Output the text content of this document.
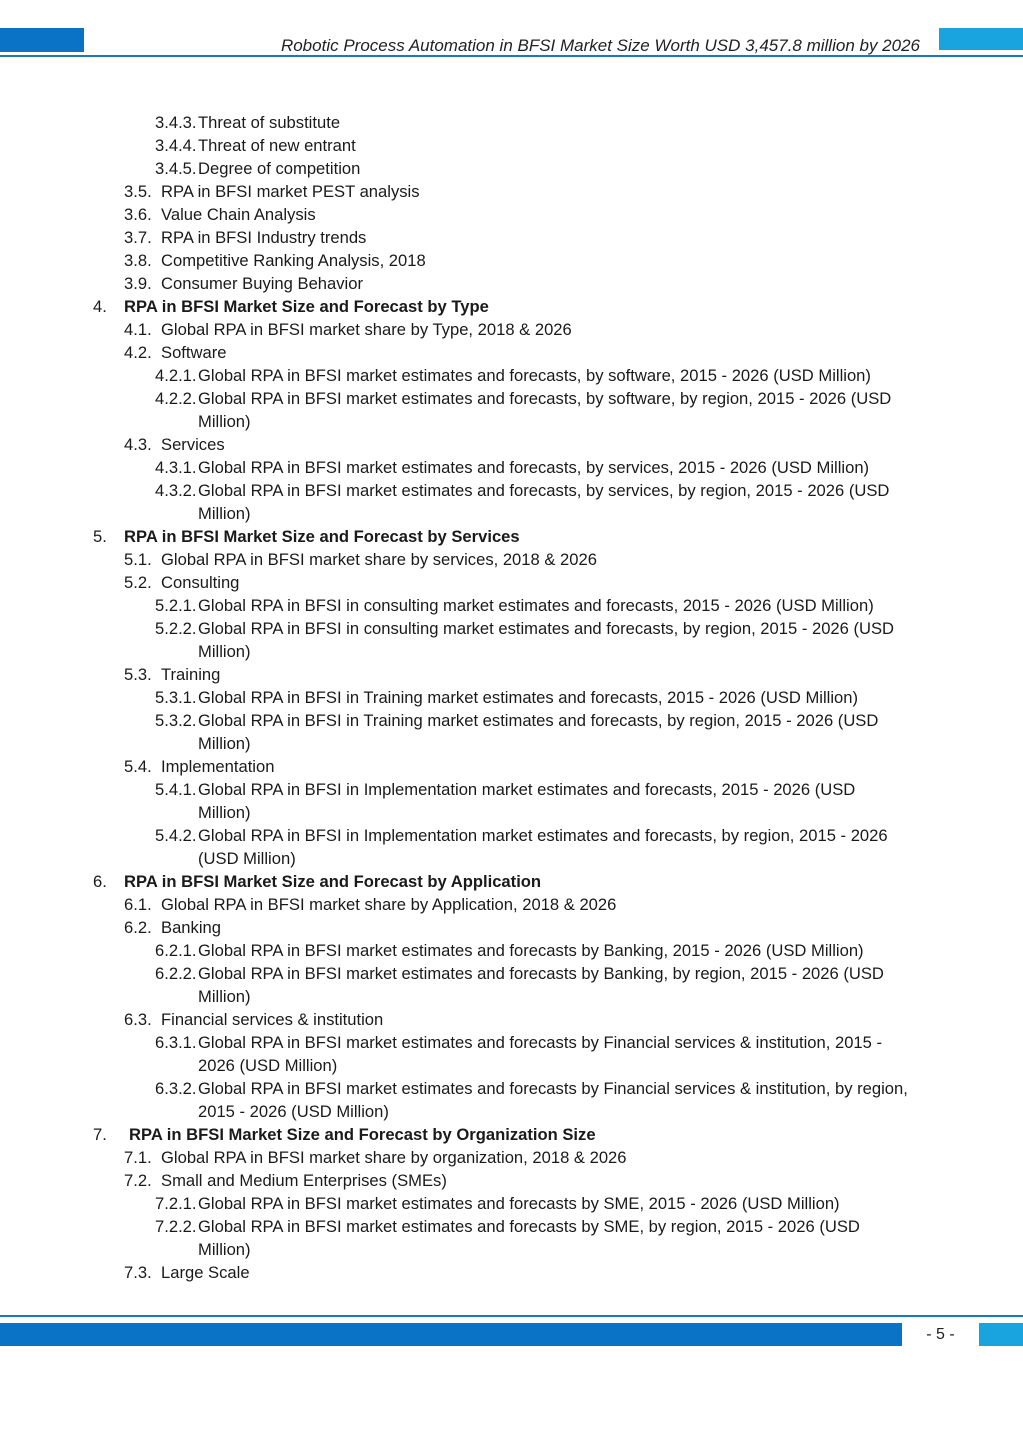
Robotic Process Automation in BFSI Market Size Worth USD 3,457.8 million by 2026
3.4.3. Threat of substitute
3.4.4. Threat of new entrant
3.4.5. Degree of competition
3.5. RPA in BFSI market PEST analysis
3.6. Value Chain Analysis
3.7. RPA in BFSI Industry trends
3.8. Competitive Ranking Analysis, 2018
3.9. Consumer Buying Behavior
4. RPA in BFSI Market Size and Forecast by Type
4.1. Global RPA in BFSI market share by Type, 2018 & 2026
4.2. Software
4.2.1. Global RPA in BFSI market estimates and forecasts, by software, 2015 - 2026 (USD Million)
4.2.2. Global RPA in BFSI market estimates and forecasts, by software, by region, 2015 - 2026 (USD
Million)
4.3. Services
4.3.1. Global RPA in BFSI market estimates and forecasts, by services, 2015 - 2026 (USD Million)
4.3.2. Global RPA in BFSI market estimates and forecasts, by services, by region, 2015 - 2026 (USD
Million)
5. RPA in BFSI Market Size and Forecast by Services
5.1. Global RPA in BFSI market share by services, 2018 & 2026
5.2. Consulting
5.2.1. Global RPA in BFSI in consulting market estimates and forecasts, 2015 - 2026 (USD Million)
5.2.2. Global RPA in BFSI in consulting market estimates and forecasts, by region, 2015 - 2026 (USD
Million)
5.3. Training
5.3.1. Global RPA in BFSI in Training market estimates and forecasts, 2015 - 2026 (USD Million)
5.3.2. Global RPA in BFSI in Training market estimates and forecasts, by region, 2015 - 2026 (USD
Million)
5.4. Implementation
5.4.1. Global RPA in BFSI in Implementation market estimates and forecasts, 2015 - 2026 (USD
Million)
5.4.2. Global RPA in BFSI in Implementation market estimates and forecasts, by region, 2015 - 2026
(USD Million)
6. RPA in BFSI Market Size and Forecast by Application
6.1. Global RPA in BFSI market share by Application, 2018 & 2026
6.2. Banking
6.2.1. Global RPA in BFSI market estimates and forecasts by Banking, 2015 - 2026 (USD Million)
6.2.2. Global RPA in BFSI market estimates and forecasts by Banking, by region, 2015 - 2026 (USD
Million)
6.3. Financial services & institution
6.3.1. Global RPA in BFSI market estimates and forecasts by Financial services & institution, 2015 -
2026 (USD Million)
6.3.2. Global RPA in BFSI market estimates and forecasts by Financial services & institution, by region,
2015 - 2026 (USD Million)
7. RPA in BFSI Market Size and Forecast by Organization Size
7.1. Global RPA in BFSI market share by organization, 2018 & 2026
7.2. Small and Medium Enterprises (SMEs)
7.2.1. Global RPA in BFSI market estimates and forecasts by SME, 2015 - 2026 (USD Million)
7.2.2. Global RPA in BFSI market estimates and forecasts by SME, by region, 2015 - 2026 (USD
Million)
7.3. Large Scale
- 5 -
